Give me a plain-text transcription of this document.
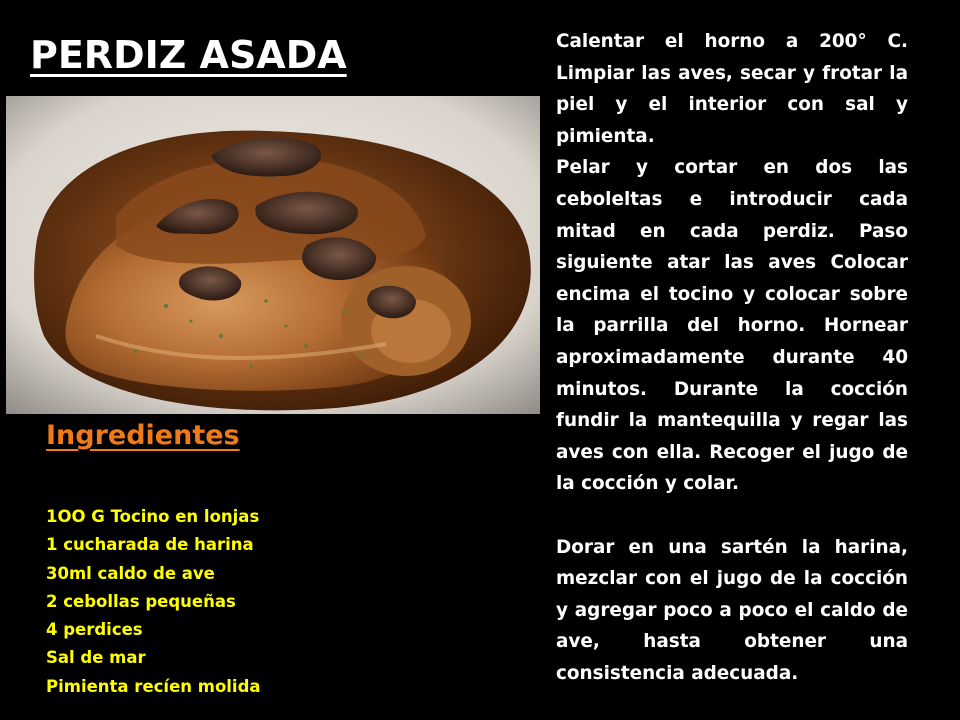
PERDIZ ASADA
Ingredientes
1OO G Tocino en lonjas
1 cucharada de harina
30ml caldo de ave
2 cebollas pequeñas
4 perdices
Sal de mar
Pimienta recíen molida

Calentar el horno a 200° C. Limpiar las aves, secar y frotar la piel y el interior con sal y pimienta.

Pelar y cortar en dos las ceboleltas e introducir cada mitad en cada perdiz. Paso siguiente atar las aves Colocar encima el tocino y colocar sobre la parrilla del horno. Hornear aproximadamente durante 40 minutos. Durante la cocción fundir la mantequilla y regar las aves con ella. Recoger el jugo de la cocción y colar.

Dorar en una sartén la harina, mezclar con el jugo de la cocción y agregar poco a poco el caldo de ave, hasta obtener una consistencia adecuada.
